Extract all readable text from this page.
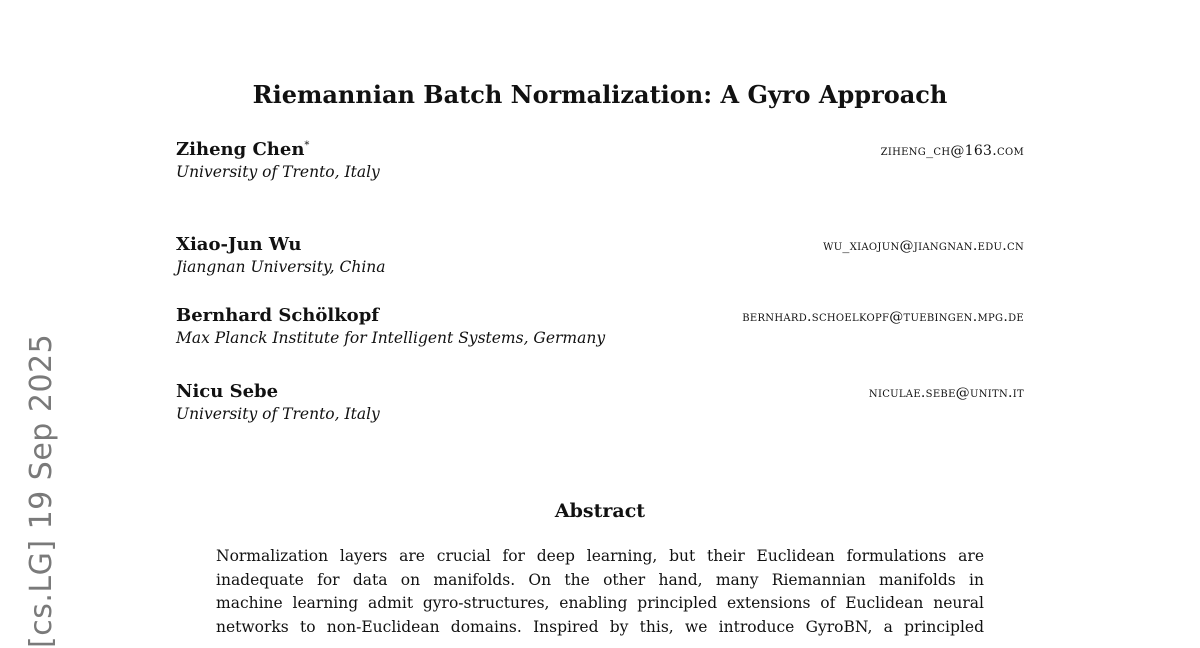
[cs.LG] 19 Sep 2025
Riemannian Batch Normalization: A Gyro Approach
Ziheng Chen*	ziheng_ch@163.com
University of Trento, Italy
Xiao-Jun Wu	wu_xiaojun@jiangnan.edu.cn
Jiangnan University, China
Bernhard Schölkopf	bernhard.schoelkopf@tuebingen.mpg.de
Max Planck Institute for Intelligent Systems, Germany
Nicu Sebe	niculae.sebe@unitn.it
University of Trento, Italy
Abstract
Normalization layers are crucial for deep learning, but their Euclidean formulations are
inadequate for data on manifolds. On the other hand, many Riemannian manifolds in
machine learning admit gyro-structures, enabling principled extensions of Euclidean neural
networks to non-Euclidean domains. Inspired by this, we introduce GyroBN, a principled
